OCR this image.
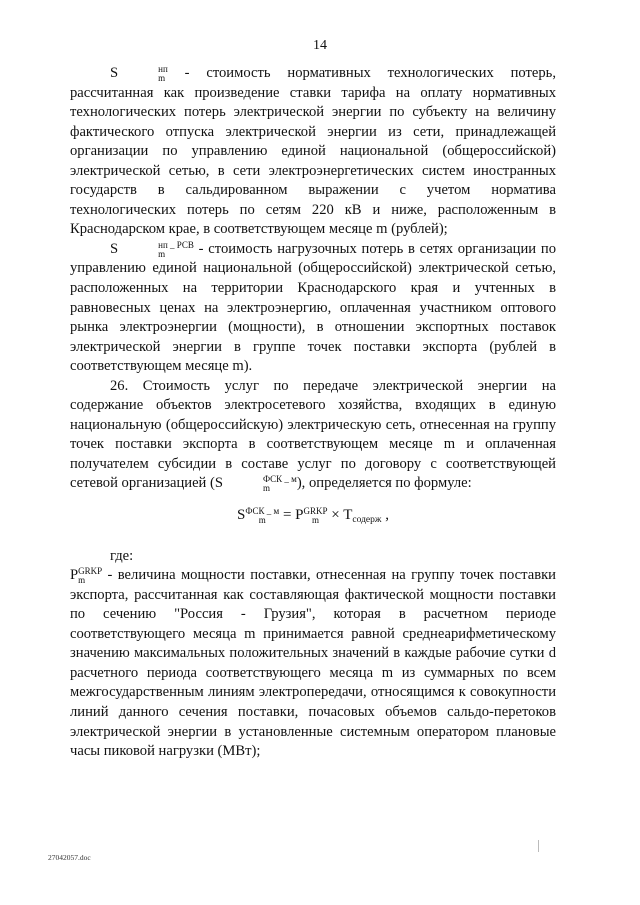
14

S	нп
m - стоимость нормативных технологических потерь, рассчитанная как произведение ставки тарифа на оплату нормативных технологических потерь электрической энергии по субъекту на величину фактического отпуска электрической энергии из сети, принадлежащей организации по управлению единой национальной (общероссийской) электрической сетью, в сети электроэнергетических систем иностранных государств в сальдированном выражении с учетом норматива технологических потерь по сетям 220 кВ и ниже, расположенным в Краснодарском крае, в соответствующем месяце m (рублей);

S	нп _ РСВ
m	- стоимость нагрузочных потерь в сетях организации по управлению единой национальной (общероссийской) электрической сетью, расположенных на территории Краснодарского края и учтенных в равновесных ценах на электроэнергию, оплаченная участником оптового рынка электроэнергии (мощности), в отношении экспортных поставок электрической энергии в группе точек поставки экспорта (рублей в соответствующем месяце m).

26. Стоимость услуг по передаче электрической энергии на содержание объектов электросетевого хозяйства, входящих в единую национальную (общероссийскую) электрическую сеть, отнесенная на группу точек поставки экспорта в соответствующем месяце m и оплаченная получателем субсидии в составе услуг по договору с соответствующей сетевой организацией (S	ФСК _ м
m	), определяется по формуле:

S ФСК _ м
m = P GRKP
$m \times T_{содерж}$ ,
где:

P GRKP
m	- величина мощности поставки, отнесенная на группу точек поставки экспорта, рассчитанная как составляющая фактической мощности поставки по сечению "Россия - Грузия", которая в расчетном периоде соответствующего месяца m принимается равной среднеарифметическому значению максимальных положительных значений в каждые рабочие сутки d расчетного периода соответствующего месяца m из суммарных по всем межгосударственным линиям электропередачи, относящимся к совокупности линий данного сечения поставки, почасовых объемов сальдо-перетоков электрической энергии в установленные системным оператором плановые часы пиковой нагрузки (МВт);

27042057.doc
